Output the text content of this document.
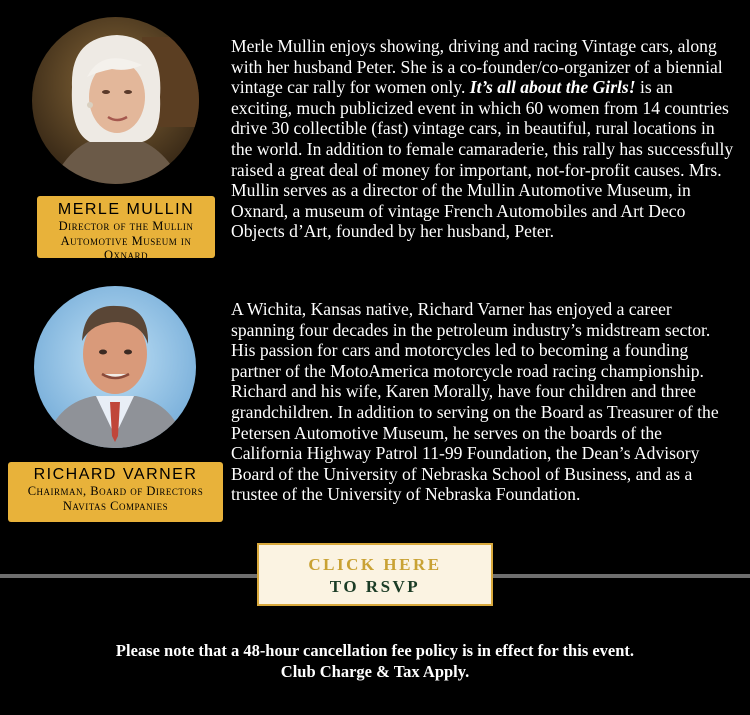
MERLE MULLIN
Director of the Mullin
Automotive Museum in Oxnard
Merle Mullin enjoys showing, driving and racing Vintage cars, along with her husband Peter. She is a co-founder/co-organizer of a biennial vintage car rally for women only. It’s all about the Girls! is an exciting, much publicized event in which 60 women from 14 countries drive 30 collectible (fast) vintage cars, in beautiful, rural locations in the world. In addition to female camaraderie, this rally has successfully raised a great deal of money for important, not-for-profit causes. Mrs. Mullin serves as a director of the Mullin Automotive Museum, in Oxnard, a museum of vintage French Automobiles and Art Deco Objects d’Art, founded by her husband, Peter.
RICHARD VARNER
Chairman, Board of Directors
Navitas Companies
A Wichita, Kansas native, Richard Varner has enjoyed a career spanning four decades in the petroleum industry’s midstream sector. His passion for cars and motorcycles led to becoming a founding partner of the MotoAmerica motorcycle road racing championship. Richard and his wife, Karen Morally, have four children and three grandchildren. In addition to serving on the Board as Treasurer of the Petersen Automotive Museum, he serves on the boards of the California Highway Patrol 11-99 Foundation, the Dean’s Advisory Board of the University of Nebraska School of Business, and as a trustee of the University of Nebraska Foundation.
CLICK HERE
TO RSVP
Please note that a 48-hour cancellation fee policy is in effect for this event.
Club Charge & Tax Apply.
